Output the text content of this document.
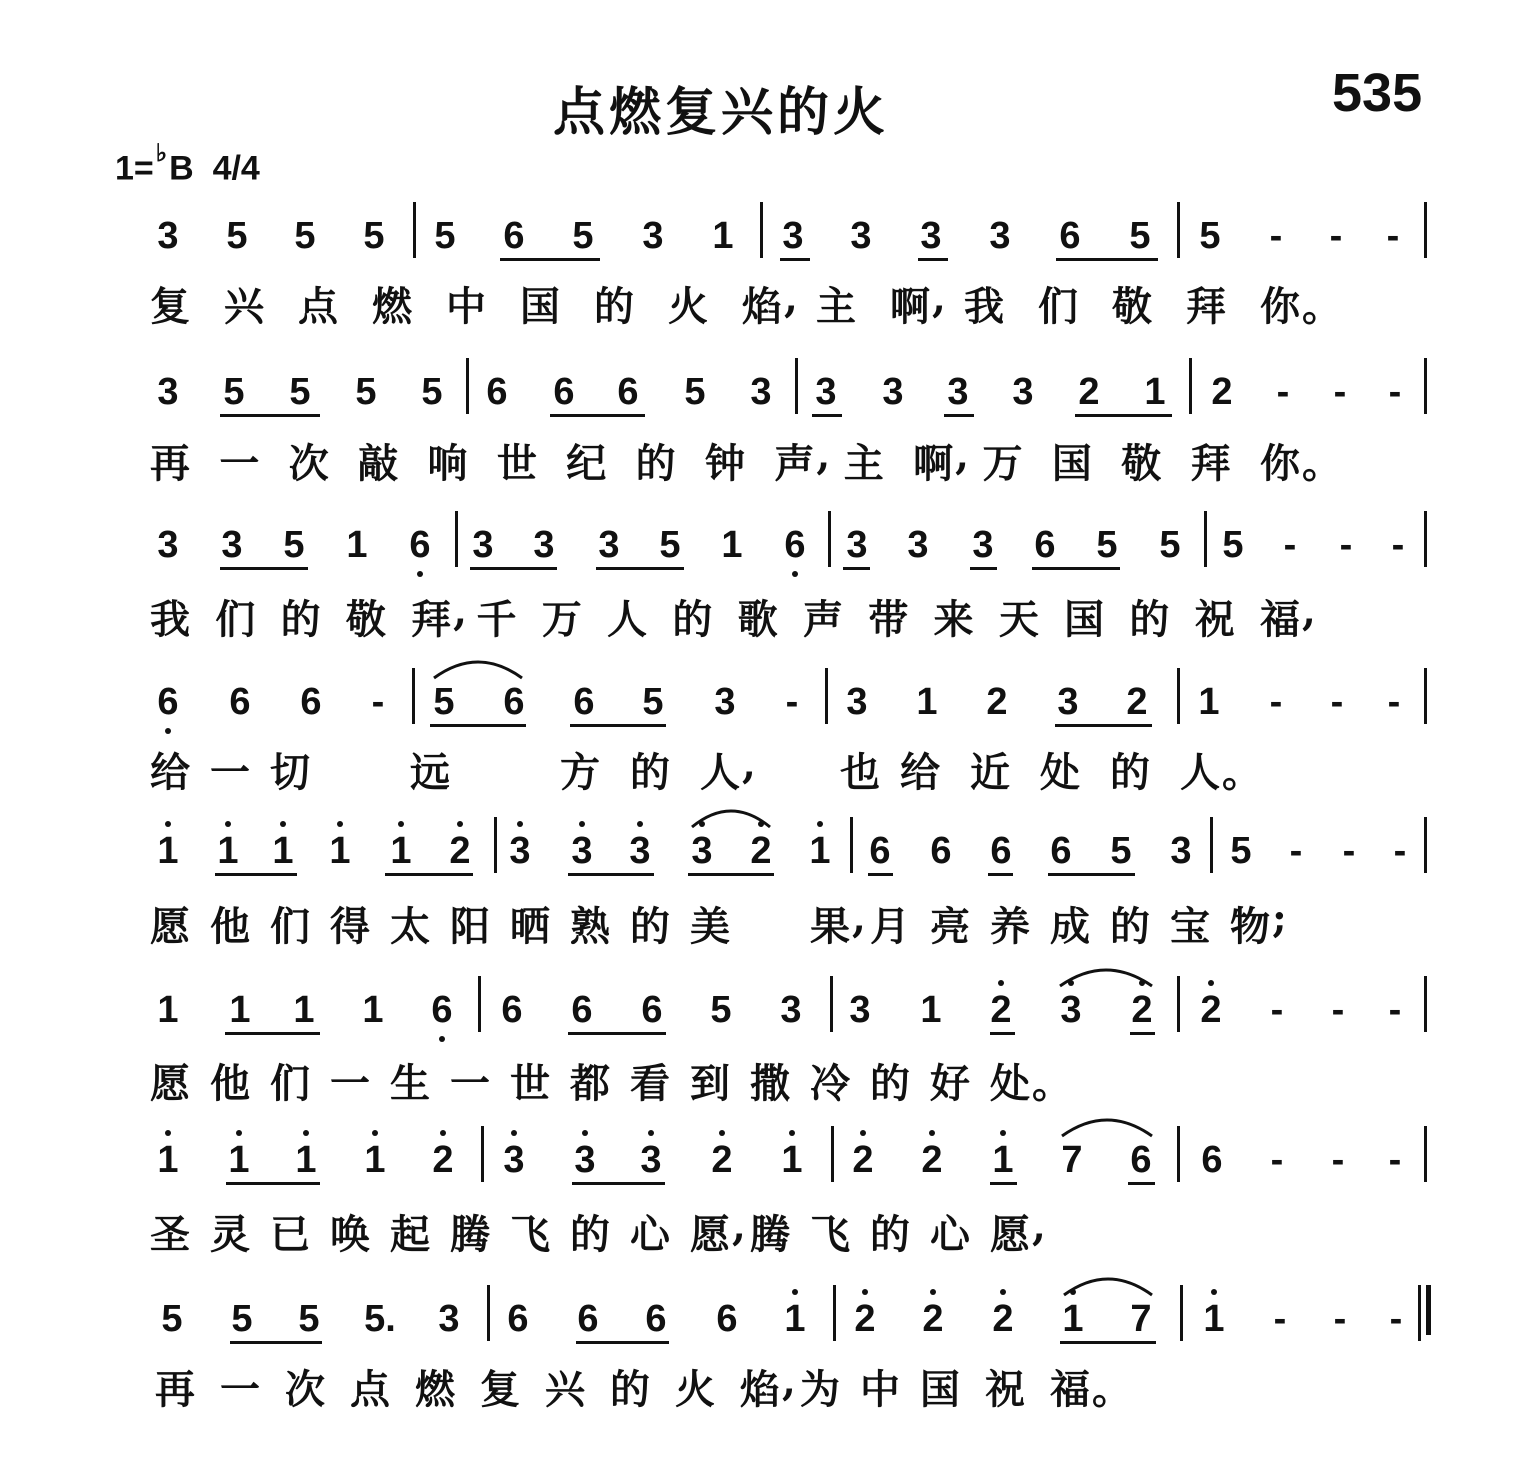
点燃复兴的火	535
1=♭B 4/4
3 5 5 5 5 6 5 3 1 3 3 3 3 6 5 5	-	-	-
复 兴 点 燃 中 国 的 火 焰 , 主 啊 , 我 们 敬 拜 你 。
3 5 5 5 5 6 6 6 5 3 3 3 3 3 2 1 2	-	-	-
再 一 次 敲 响 世 纪 的 钟 声 , 主 啊 , 万 国 敬 拜 你 。
3 3 5 1 6 3 3 3 5 1 6 3 3 3 6 5 5 5	-	-	-
我 们 的 敬 拜 , 千 万 人 的 歌 声 带 来 天 国 的 祝 福 ,
6 6 6	-	5 6 6 5 3	-	3 1 2 3 2 1	-	-	-
给 一 切	远	方 的 人 , 也 给 近 处 的 人 。
1 1 1 1 1 2 3 3 3 3 2 1 6 6 6 6 5 3 5	-	-	-
愿 他 们 得 太 阳 晒 熟 的 美 果 , 月 亮 养 成 的 宝 物 ;
1 1 1 1 6 6 6 6 5 3 3 1 2 3 2 2	-	-	-
愿 他 们 一 生 一 世 都 看 到 撒 冷 的 好 处 。
1 1 1 1 2 3 3 3 2 1 2 2 1 7 6 6	-	-	-
圣 灵 已 唤 起 腾 飞 的 心 愿 , 腾 飞 的 心 愿 ,
5 5 5 5. 3 6 6 6 6 1 2 2 2 1 7 1	-	-	-
再 一 次 点 燃 复 兴 的 火 焰 , 为 中 国 祝 福 。
